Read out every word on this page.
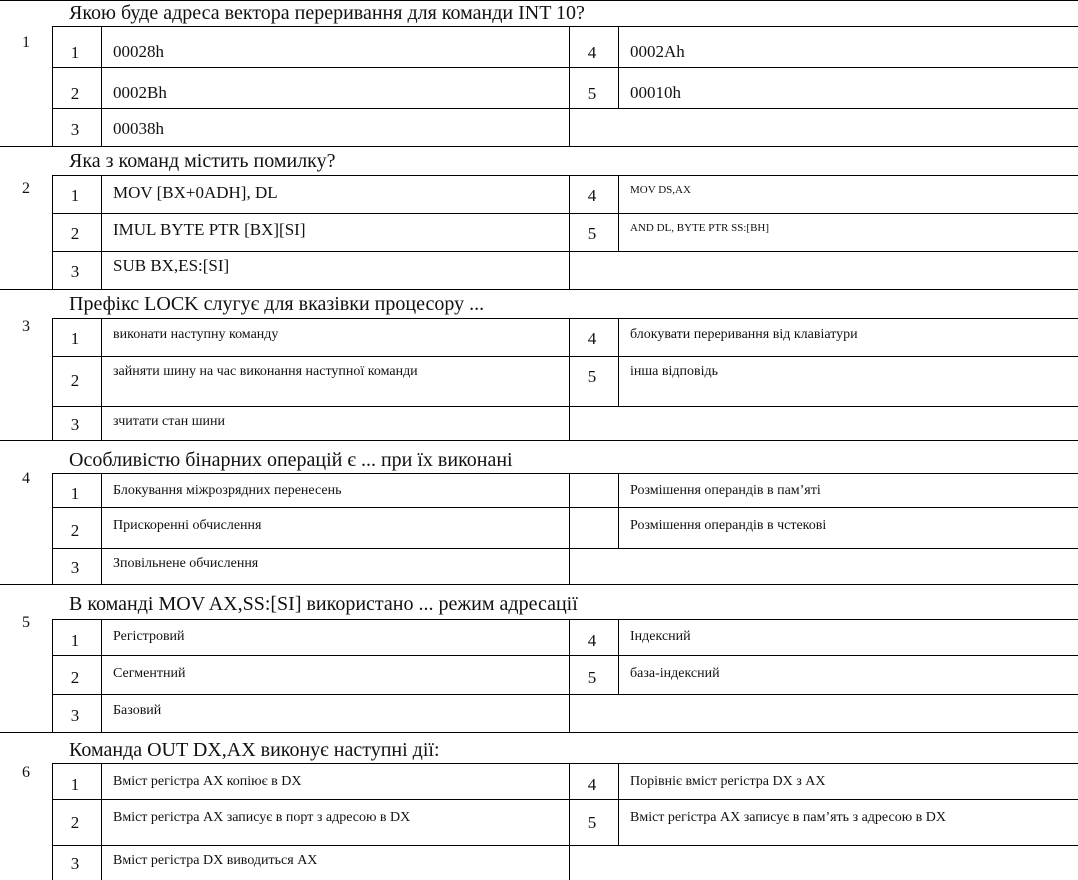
1
Якою буде адреса вектора переривання для команди INT 10?
1	00028h	4	0002Ah
2	0002Bh	5	00010h
3	00038h
2
Яка з команд містить помилку?
1	MOV [BX+0ADH], DL	4	MOV DS,AX
2	IMUL BYTE PTR [BX][SI]	5	AND DL, BYTE PTR SS:[BH]
3	SUB BX,ES:[SI]
3
Префікс LOCK слугує для вказівки процесору ...
1	виконати наступну команду	4	блокувати переривання від клавіатури
2	зайняти шину на час виконання наступної команди	5	інша відповідь
3	зчитати стан шини
4
Особливістю бінарних операцій є ... при їх виконані
1	Блокування міжрозрядних перенесень	Розмішення операндів в пам’яті
2	Прискоренні обчислення	Розмішення операндів в чстекові
3	Зповільнене обчислення
5
В команді MOV AX,SS:[SI] використано ... режим адресації
1	Регістровий	4	Індексний
2	Сегментний	5	база-індексний
3	Базовий
6
Команда OUT DX,AX виконує наступні дії:
1	Вміст регістра AX копіює в DX	4	Порівніє вміст регістра DX з AX
2	Вміст регістра AX записує в порт з адресою в DX	5	Вміст регістра AX записує в пам’ять з адресою в DX
3	Вміст регістра DX виводиться AX
